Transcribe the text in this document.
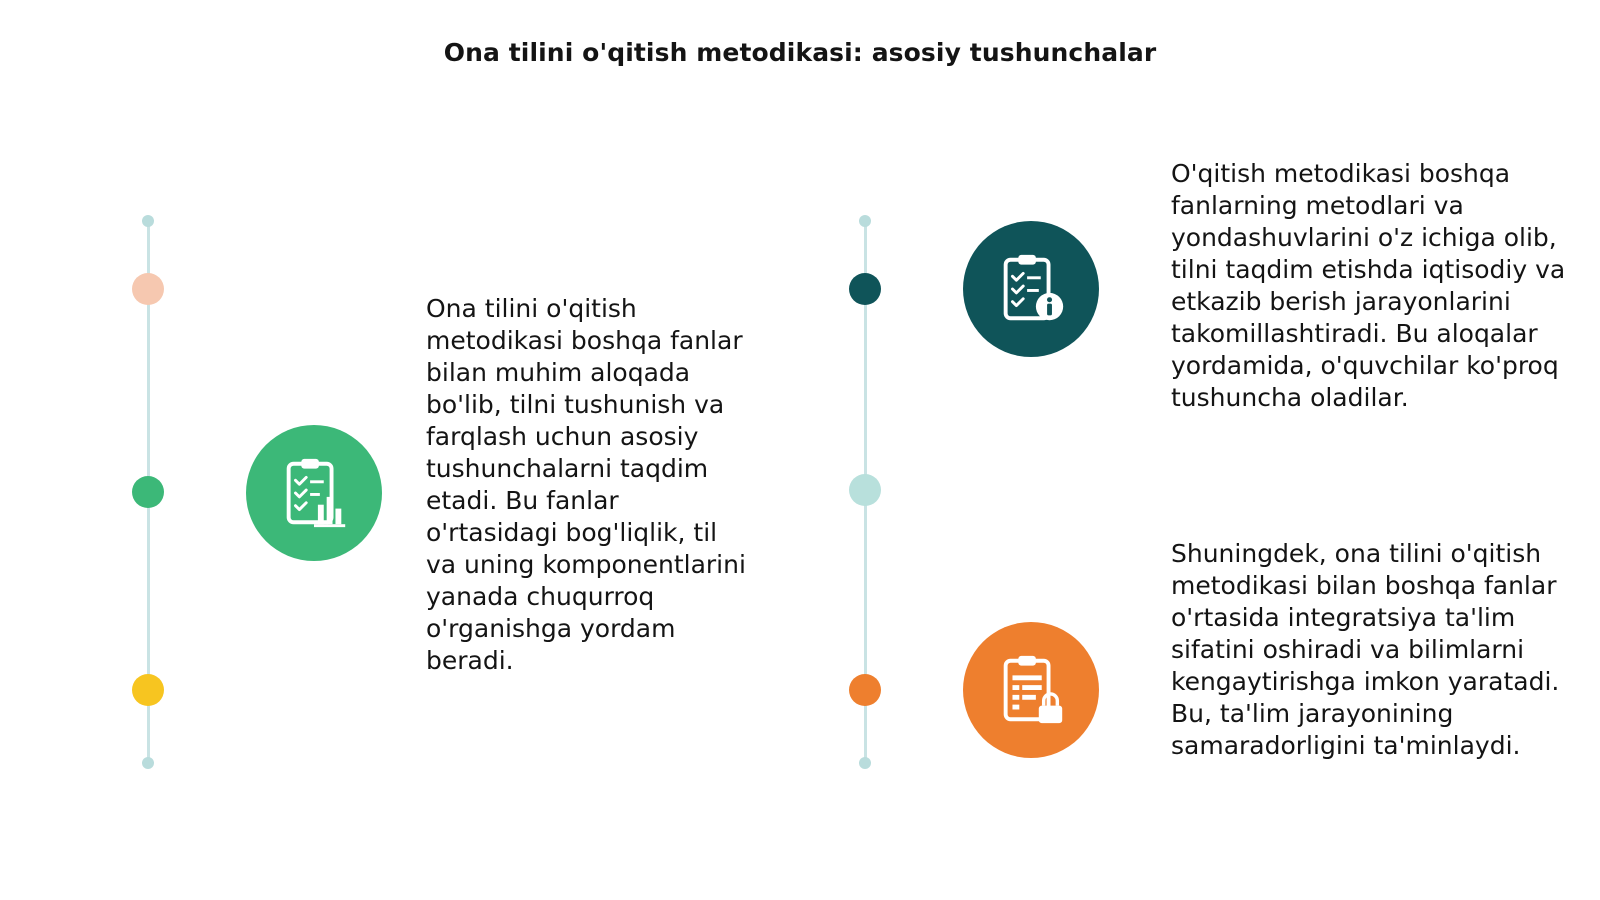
Ona tilini o'qitish metodikasi: asosiy tushunchalar
Ona tilini o'qitish metodikasi boshqa fanlar bilan muhim aloqada bo'lib, tilni tushunish va farqlash uchun asosiy tushunchalarni taqdim etadi. Bu fanlar o'rtasidagi bog'liqlik, til va uning komponentlarini yanada chuqurroq o'rganishga yordam beradi.
O'qitish metodikasi boshqa fanlarning metodlari va yondashuvlarini o'z ichiga olib, tilni taqdim etishda iqtisodiy va etkazib berish jarayonlarini takomillashtiradi. Bu aloqalar yordamida, o'quvchilar ko'proq tushuncha oladilar.
Shuningdek, ona tilini o'qitish metodikasi bilan boshqa fanlar o'rtasida integratsiya ta'lim sifatini oshiradi va bilimlarni kengaytirishga imkon yaratadi. Bu, ta'lim jarayonining samaradorligini ta'minlaydi.
